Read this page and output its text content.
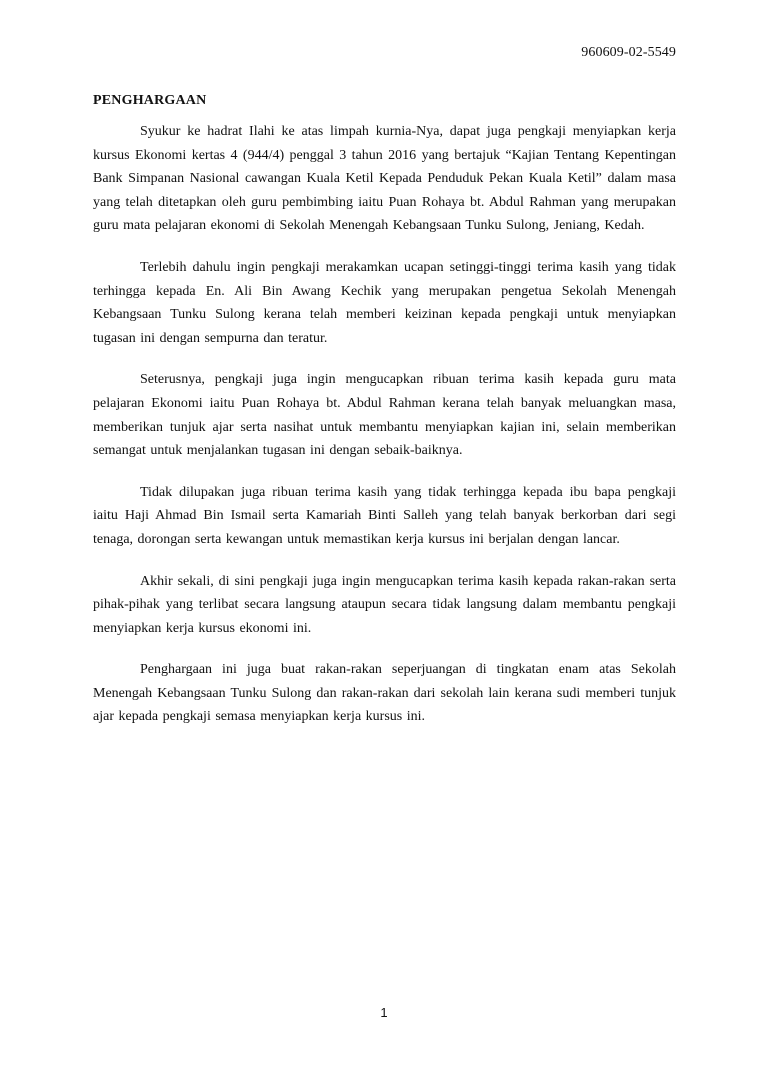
960609-02-5549
PENGHARGAAN

Syukur ke hadrat Ilahi ke atas limpah kurnia-Nya, dapat juga pengkaji menyiapkan kerja kursus Ekonomi kertas 4 (944/4) penggal 3 tahun 2016 yang bertajuk “Kajian Tentang Kepentingan Bank Simpanan Nasional cawangan Kuala Ketil Kepada Penduduk Pekan Kuala Ketil” dalam masa yang telah ditetapkan oleh guru pembimbing iaitu Puan Rohaya bt. Abdul Rahman yang merupakan guru mata pelajaran ekonomi di Sekolah Menengah Kebangsaan Tunku Sulong, Jeniang, Kedah.

Terlebih dahulu ingin pengkaji merakamkan ucapan setinggi-tinggi terima kasih yang tidak terhingga kepada En. Ali Bin Awang Kechik yang merupakan pengetua Sekolah Menengah Kebangsaan Tunku Sulong kerana telah memberi keizinan kepada pengkaji untuk menyiapkan tugasan ini dengan sempurna dan teratur.

Seterusnya, pengkaji juga ingin mengucapkan ribuan terima kasih kepada guru mata pelajaran Ekonomi iaitu Puan Rohaya bt. Abdul Rahman kerana telah banyak meluangkan masa, memberikan tunjuk ajar serta nasihat untuk membantu menyiapkan kajian ini, selain memberikan semangat untuk menjalankan tugasan ini dengan sebaik-baiknya.

Tidak dilupakan juga ribuan terima kasih yang tidak terhingga kepada ibu bapa pengkaji iaitu Haji Ahmad Bin Ismail serta Kamariah Binti Salleh yang telah banyak berkorban dari segi tenaga, dorongan serta kewangan untuk memastikan kerja kursus ini berjalan dengan lancar.

Akhir sekali, di sini pengkaji juga ingin mengucapkan terima kasih kepada rakan-rakan serta pihak-pihak yang terlibat secara langsung ataupun secara tidak langsung dalam membantu pengkaji menyiapkan kerja kursus ekonomi ini.

Penghargaan ini juga buat rakan-rakan seperjuangan di tingkatan enam atas Sekolah Menengah Kebangsaan Tunku Sulong dan rakan-rakan dari sekolah lain kerana sudi memberi tunjuk ajar kepada pengkaji semasa menyiapkan kerja kursus ini.

1
